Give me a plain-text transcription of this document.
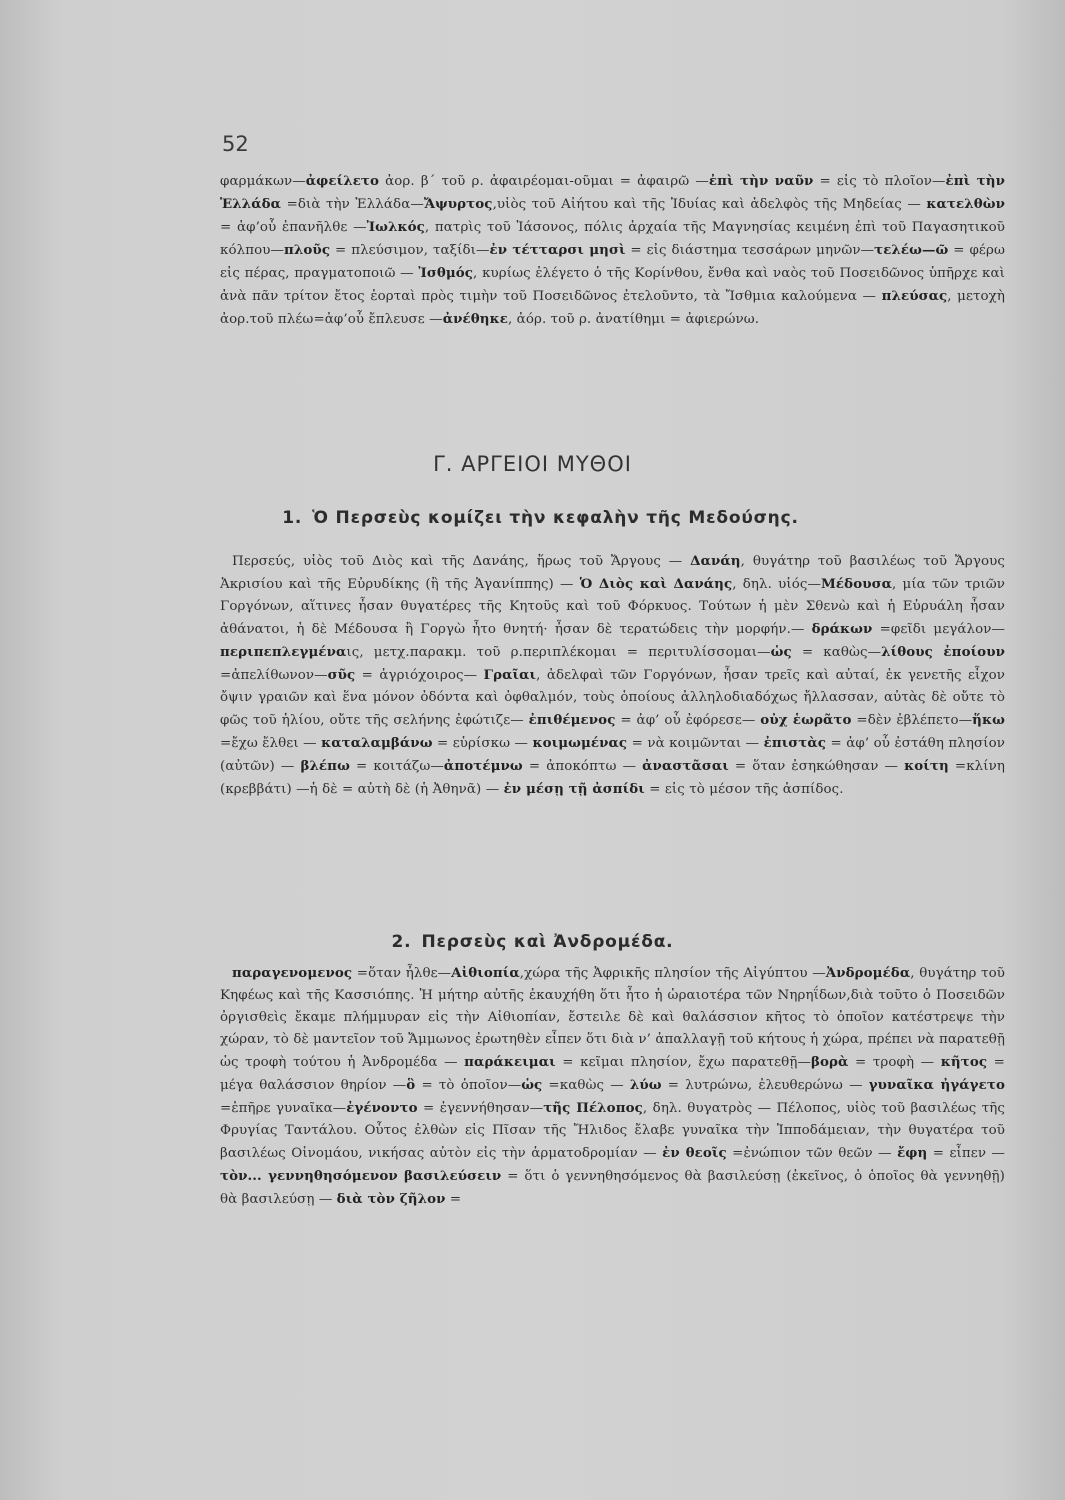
52

φαρμάκων—ἀφείλετο ἀορ. β΄ τοῦ ρ. ἀφαιρέομαι-οῦμαι = ἀφαιρῶ —ἐπὶ τὴν ναῦν = εἰς τὸ πλοῖον—ἐπὶ τὴν Ἑλλάδα =διὰ τὴν Ἑλλάδα—Ἄψυρτος,υἱὸς τοῦ Αἰήτου καὶ τῆς Ἰδυίας καὶ ἀδελφὸς τῆς Μηδείας — κατελθὼν = ἀφ’οὗ ἐπανῆλθε —Ἰωλκός, πατρὶς τοῦ Ἰάσονος, πόλις ἀρχαία τῆς Μαγνησίας κειμένη ἐπὶ τοῦ Παγασητικοῦ κόλπου—πλοῦς = πλεύσιμον, ταξίδι—ἐν τέτταρσι μησὶ = εἰς διάστημα τεσσάρων μηνῶν—τελέω—ῶ = φέρω εἰς πέρας, πραγματοποιῶ — Ἰσθμός, κυρίως ἐλέγετο ὁ τῆς Κορίνθου, ἔνθα καὶ ναὸς τοῦ Ποσειδῶνος ὑπῆρχε καὶ ἀνὰ πᾶν τρίτον ἔτος ἑορταὶ πρὸς τιμὴν τοῦ Ποσειδῶνος ἐτελοῦντο, τὰ Ἴσθμια καλούμενα — πλεύσας, μετοχὴ ἀορ.τοῦ πλέω=ἀφ’οὗ ἔπλευσε —ἀνέθηκε, ἀόρ. τοῦ ρ. ἀνατίθημι = ἀφιερώνω.

Γ. ΑΡΓΕΙΟΙ ΜΥΘΟΙ
1. Ὁ Περσεὺς κομίζει τὴν κεφαλὴν τῆς Μεδούσης.

Περσεύς, υἱὸς τοῦ Διὸς καὶ τῆς Δανάης, ἥρως τοῦ Ἄργους — Δανάη, θυγάτηρ τοῦ βασιλέως τοῦ Ἄργους Ἀκρισίου καὶ τῆς Εὐρυδίκης (ἢ τῆς Ἀγανίππης) — Ὁ Διὸς καὶ Δανάης, δηλ. υἱός—Μέδουσα, μία τῶν τριῶν Γοργόνων, αἵτινες ἦσαν θυγατέρες τῆς Κητοῦς καὶ τοῦ Φόρκυος. Τούτων ἡ μὲν Σθενὼ καὶ ἡ Εὐρυάλη ἦσαν ἀθάνατοι, ἡ δὲ Μέδουσα ἢ Γοργὼ ἦτο θνητή· ἦσαν δὲ τερατώδεις τὴν μορφήν.— δράκων =φεῖδι μεγάλον—περιπεπλεγμέναις, μετχ.παρακμ. τοῦ ρ.περιπλέκομαι = περιτυλίσσομαι—ὡς = καθὼς—λίθους ἐποίουν =ἀπελίθωνον—σῦς = ἀγριόχοιρος— Γραῖαι, ἀδελφαὶ τῶν Γοργόνων, ἦσαν τρεῖς καὶ αὐταί, ἐκ γενετῆς εἶχον ὄψιν γραιῶν καὶ ἕνα μόνον ὀδόντα καὶ ὀφθαλμόν, τοὺς ὁποίους ἀλληλοδιαδόχως ἤλλασσαν, αὐτὰς δὲ οὔτε τὸ φῶς τοῦ ἡλίου, οὔτε τῆς σελήνης ἐφώτιζε— ἐπιθέμενος = ἀφ’ οὗ ἐφόρεσε— οὐχ ἑωρᾶτο =δὲν ἐβλέπετο—ἥκω =ἔχω ἔλθει — καταλαμβάνω = εὑρίσκω — κοιμωμένας = νὰ κοιμῶνται — ἐπιστὰς = ἀφ’ οὗ ἐστάθη πλησίον (αὐτῶν) — βλέπω = κοιτάζω—ἀποτέμνω = ἀποκόπτω — ἀναστᾶσαι = ὅταν ἐσηκώθησαν — κοίτη =κλίνη (κρεββάτι) —ἡ δὲ = αὐτὴ δὲ (ἡ Ἀθηνᾶ) — ἐν μέσῃ τῇ ἀσπίδι = εἰς τὸ μέσον τῆς ἀσπίδος.

2. Περσεὺς καὶ Ἀνδρομέδα.

παραγενομενος =ὅταν ἦλθε—Αἰθιοπία,χώρα τῆς Ἀφρικῆς πλησίον τῆς Αἰγύπτου —Ἀνδρομέδα, θυγάτηρ τοῦ Κηφέως καὶ τῆς Κασσιόπης. Ἡ μήτηρ αὐτῆς ἐκαυχήθη ὅτι ἦτο ἡ ὡραιοτέρα τῶν Νηρηΐδων,διὰ τοῦτο ὁ Ποσειδῶν ὀργισθεὶς ἔκαμε πλήμμυραν εἰς τὴν Αἰθιοπίαν, ἔστειλε δὲ καὶ θαλάσσιον κῆτος τὸ ὁποῖον κατέστρεψε τὴν χώραν, τὸ δὲ μαντεῖον τοῦ Ἄμμωνος ἐρωτηθὲν εἶπεν ὅτι διὰ ν’ ἀπαλλαγῇ τοῦ κήτους ἡ χώρα, πρέπει νὰ παρατεθῇ ὡς τροφὴ τούτου ἡ Ἀνδρομέδα — παράκειμαι = κεῖμαι πλησίον, ἔχω παρατεθῇ—βορὰ = τροφὴ — κῆτος = μέγα θαλάσσιον θηρίον —ὃ = τὸ ὁποῖον—ὡς =καθὼς — λύω = λυτρώνω, ἐλευθερώνω — γυναῖκα ἠγάγετο =ἐπῆρε γυναῖκα—ἐγένοντο = ἐγεννήθησαν—τῆς Πέλοπος, δηλ. θυγατρὸς — Πέλοπος, υἱὸς τοῦ βασιλέως τῆς Φρυγίας Ταντάλου. Οὗτος ἐλθὼν εἰς Πῖσαν τῆς Ἤλιδος ἔλαβε γυναῖκα τὴν Ἱπποδάμειαν, τὴν θυγατέρα τοῦ βασιλέως Οἰνομάου, νικήσας αὐτὸν εἰς τὴν ἁρματοδρομίαν — ἐν θεοῖς =ἐνώπιον τῶν θεῶν — ἔφη = εἶπεν — τὸν... γεννηθησόμενον βασιλεύσειν = ὅτι ὁ γεννηθησόμενος θὰ βασιλεύσῃ (ἐκεῖνος, ὁ ὁποῖος θὰ γεννηθῇ) θὰ βασιλεύσῃ — διὰ τὸν ζῆλον =
